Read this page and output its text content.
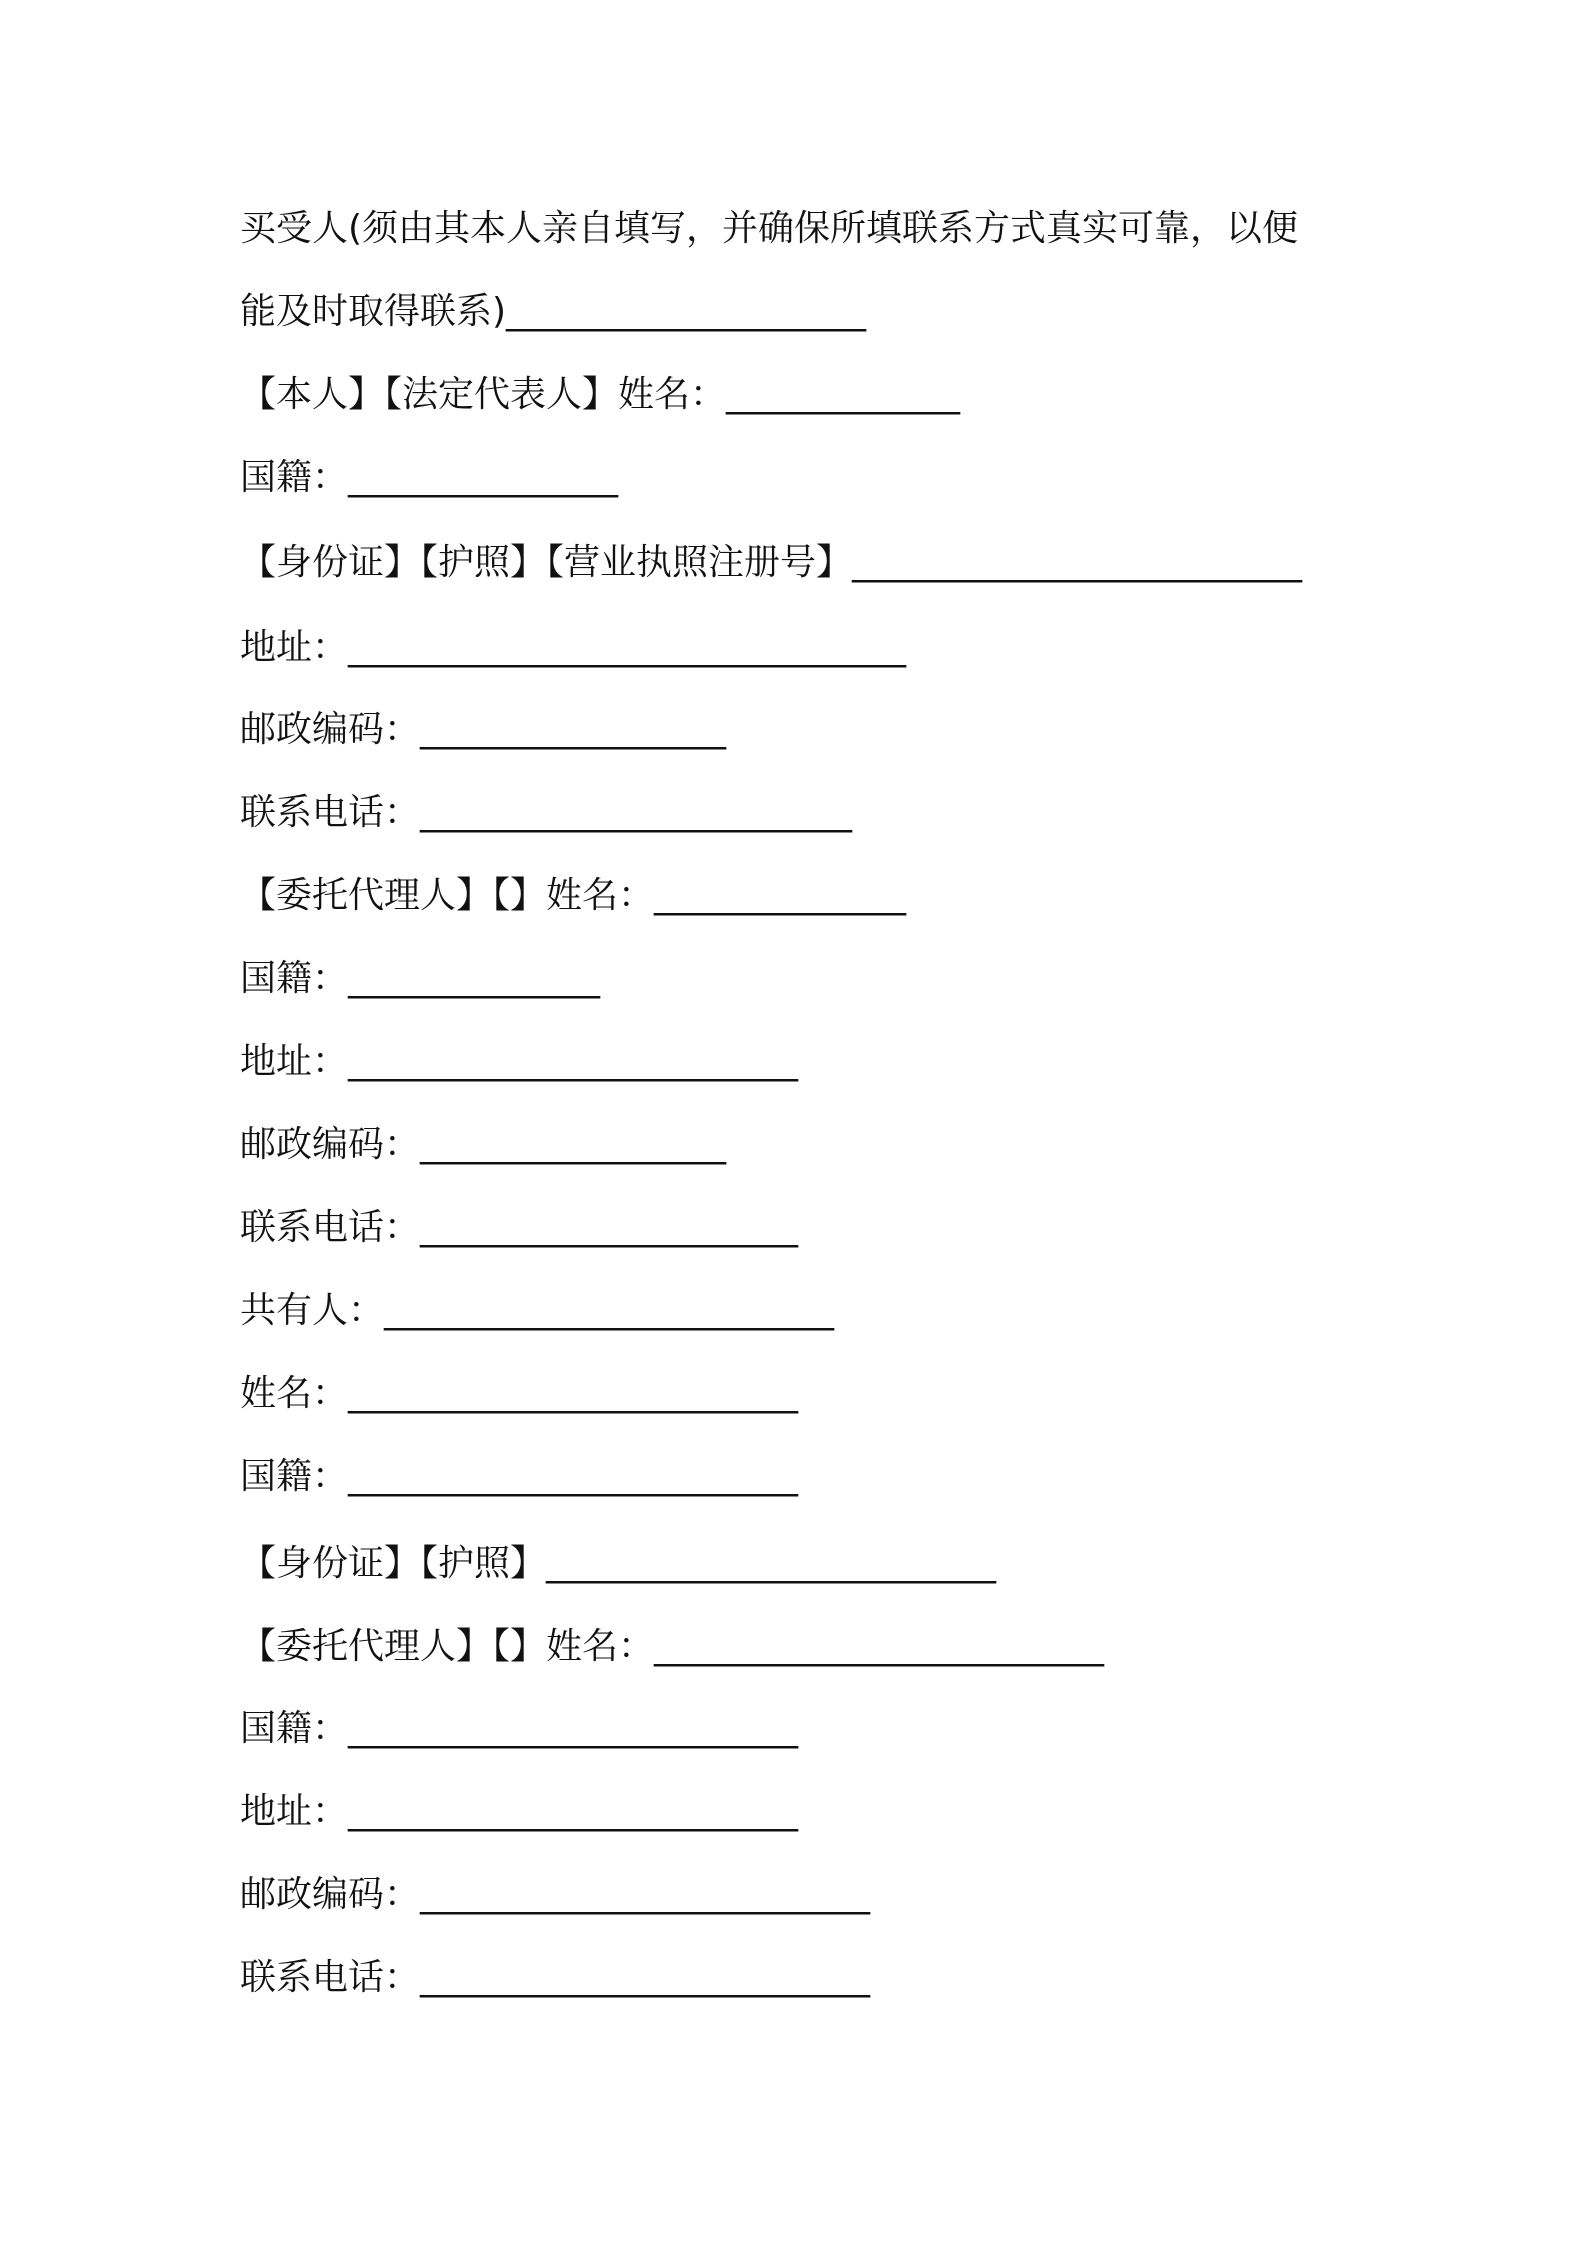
买受人(须由其本人亲自填写，并确保所填联系方式真实可靠，以便
能及时取得联系)____________________
【本人】【法定代表人】姓名：_____________
国籍：_______________
【身份证】【护照】【营业执照注册号】_________________________
地址：_______________________________
邮政编码：_________________
联系电话：________________________
【委托代理人】【】姓名：______________
国籍：______________
地址：_________________________
邮政编码：_________________
联系电话：_____________________
共有人：_________________________
姓名：_________________________
国籍：_________________________
【身份证】【护照】_________________________
【委托代理人】【】姓名：_________________________
国籍：_________________________
地址：_________________________
邮政编码：_________________________
联系电话：_________________________
